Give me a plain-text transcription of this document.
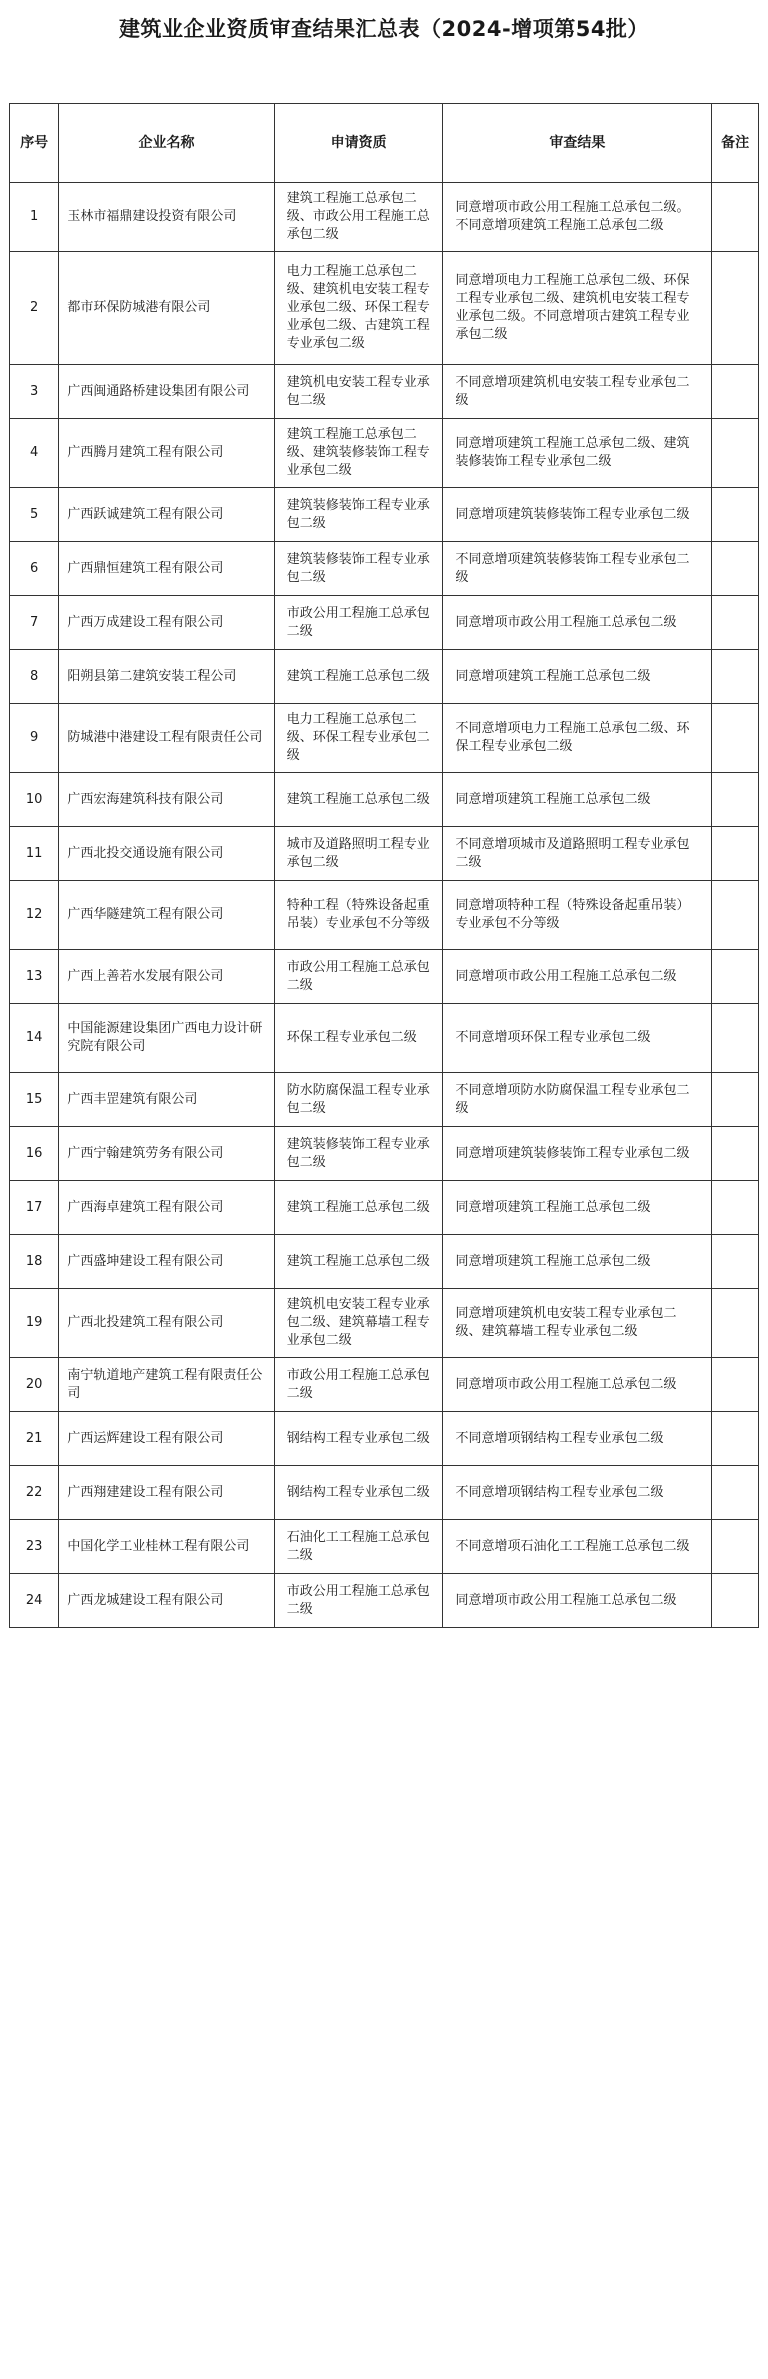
建筑业企业资质审查结果汇总表（2024-增项第54批）
序号	企业名称	申请资质	审查结果	备注
1	玉林市福鼎建设投资有限公司	建筑工程施工总承包二级、市政公用工程施工总承包二级	同意增项市政公用工程施工总承包二级。不同意增项建筑工程施工总承包二级	
2	都市环保防城港有限公司	电力工程施工总承包二级、建筑机电安装工程专业承包二级、环保工程专业承包二级、古建筑工程专业承包二级	同意增项电力工程施工总承包二级、环保工程专业承包二级、建筑机电安装工程专业承包二级。不同意增项古建筑工程专业承包二级	
3	广西闽通路桥建设集团有限公司	建筑机电安装工程专业承包二级	不同意增项建筑机电安装工程专业承包二级	
4	广西腾月建筑工程有限公司	建筑工程施工总承包二级、建筑装修装饰工程专业承包二级	同意增项建筑工程施工总承包二级、建筑装修装饰工程专业承包二级	
5	广西跃诚建筑工程有限公司	建筑装修装饰工程专业承包二级	同意增项建筑装修装饰工程专业承包二级	
6	广西鼎恒建筑工程有限公司	建筑装修装饰工程专业承包二级	不同意增项建筑装修装饰工程专业承包二级	
7	广西万成建设工程有限公司	市政公用工程施工总承包二级	同意增项市政公用工程施工总承包二级	
8	阳朔县第二建筑安装工程公司	建筑工程施工总承包二级	同意增项建筑工程施工总承包二级	
9	防城港中港建设工程有限责任公司	电力工程施工总承包二级、环保工程专业承包二级	不同意增项电力工程施工总承包二级、环保工程专业承包二级	
10	广西宏海建筑科技有限公司	建筑工程施工总承包二级	同意增项建筑工程施工总承包二级	
11	广西北投交通设施有限公司	城市及道路照明工程专业承包二级	不同意增项城市及道路照明工程专业承包二级	
12	广西华隧建筑工程有限公司	特种工程（特殊设备起重吊装）专业承包不分等级	同意增项特种工程（特殊设备起重吊装）专业承包不分等级	
13	广西上善若水发展有限公司	市政公用工程施工总承包二级	同意增项市政公用工程施工总承包二级	
14	中国能源建设集团广西电力设计研究院有限公司	环保工程专业承包二级	不同意增项环保工程专业承包二级	
15	广西丰罡建筑有限公司	防水防腐保温工程专业承包二级	不同意增项防水防腐保温工程专业承包二级	
16	广西宁翰建筑劳务有限公司	建筑装修装饰工程专业承包二级	同意增项建筑装修装饰工程专业承包二级	
17	广西海卓建筑工程有限公司	建筑工程施工总承包二级	同意增项建筑工程施工总承包二级	
18	广西盛坤建设工程有限公司	建筑工程施工总承包二级	同意增项建筑工程施工总承包二级	
19	广西北投建筑工程有限公司	建筑机电安装工程专业承包二级、建筑幕墙工程专业承包二级	同意增项建筑机电安装工程专业承包二级、建筑幕墙工程专业承包二级	
20	南宁轨道地产建筑工程有限责任公司	市政公用工程施工总承包二级	同意增项市政公用工程施工总承包二级	
21	广西运辉建设工程有限公司	钢结构工程专业承包二级	不同意增项钢结构工程专业承包二级	
22	广西翔建建设工程有限公司	钢结构工程专业承包二级	不同意增项钢结构工程专业承包二级	
23	中国化学工业桂林工程有限公司	石油化工工程施工总承包二级	不同意增项石油化工工程施工总承包二级	
24	广西龙城建设工程有限公司	市政公用工程施工总承包二级	同意增项市政公用工程施工总承包二级	
